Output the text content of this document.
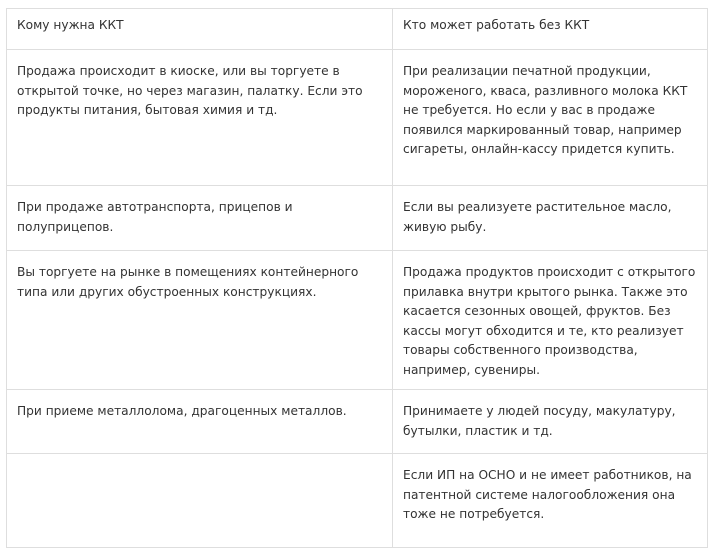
Кому нужна ККТ	Кто может работать без ККТ
Продажа происходит в киоске, или вы торгуете в открытой точке, но через магазин, палатку. Если это продукты питания, бытовая химия и тд.	При реализации печатной продукции, мороженого, кваса, разливного молока ККТ не требуется. Но если у вас в продаже появился маркированный товар, например сигареты, онлайн-кассу придется купить.
При продаже автотранспорта, прицепов и полуприцепов.	Если вы реализуете растительное масло, живую рыбу.
Вы торгуете на рынке в помещениях контейнерного типа или других обустроенных конструкциях.	Продажа продуктов происходит с открытого прилавка внутри крытого рынка. Также это касается сезонных овощей, фруктов. Без кассы могут обходится и те, кто реализует товары собственного производства, например, сувениры.
При приеме металлолома, драгоценных металлов.	Принимаете у людей посуду, макулатуру, бутылки, пластик и тд.
	Если ИП на ОСНО и не имеет работников, на патентной системе налогообложения она тоже не потребуется.
